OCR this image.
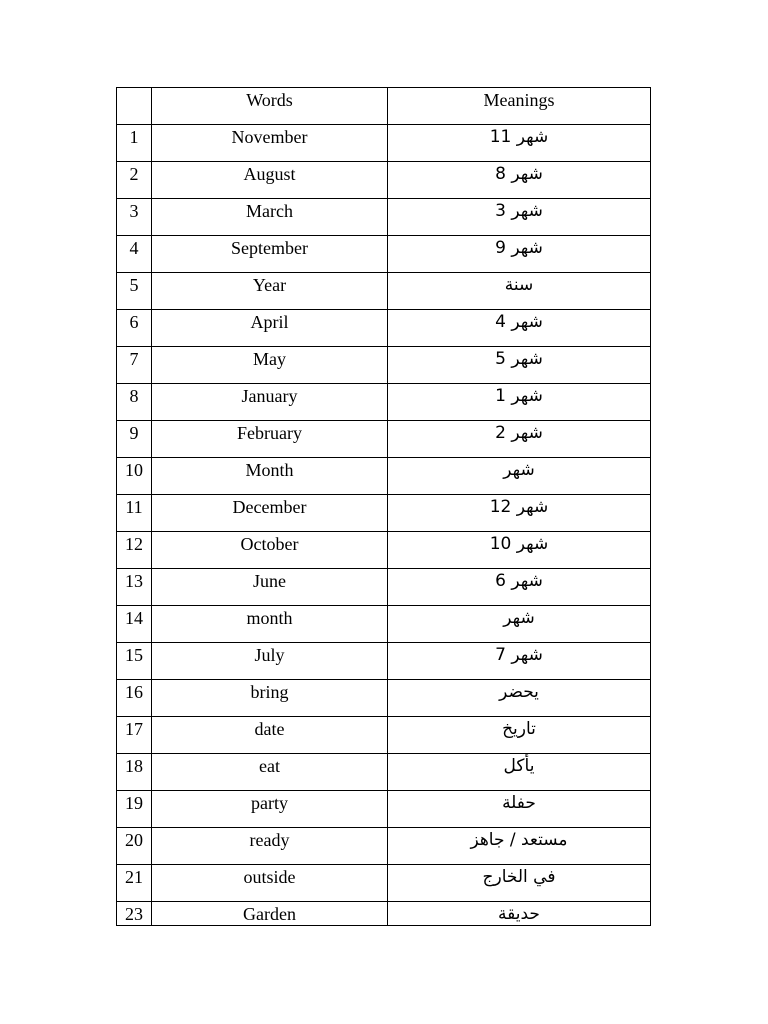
	Words	Meanings
1	November	شهر 11
2	August	شهر 8
3	March	شهر 3
4	September	شهر 9
5	Year	سنة
6	April	شهر 4
7	May	شهر 5
8	January	شهر 1
9	February	شهر 2
10	Month	شهر
11	December	شهر 12
12	October	شهر 10
13	June	شهر 6
14	month	شهر
15	July	شهر 7
16	bring	يحضر
17	date	تاريخ
18	eat	يأكل
19	party	حفلة
20	ready	مستعد / جاهز
21	outside	في الخارج
23	Garden	حديقة
